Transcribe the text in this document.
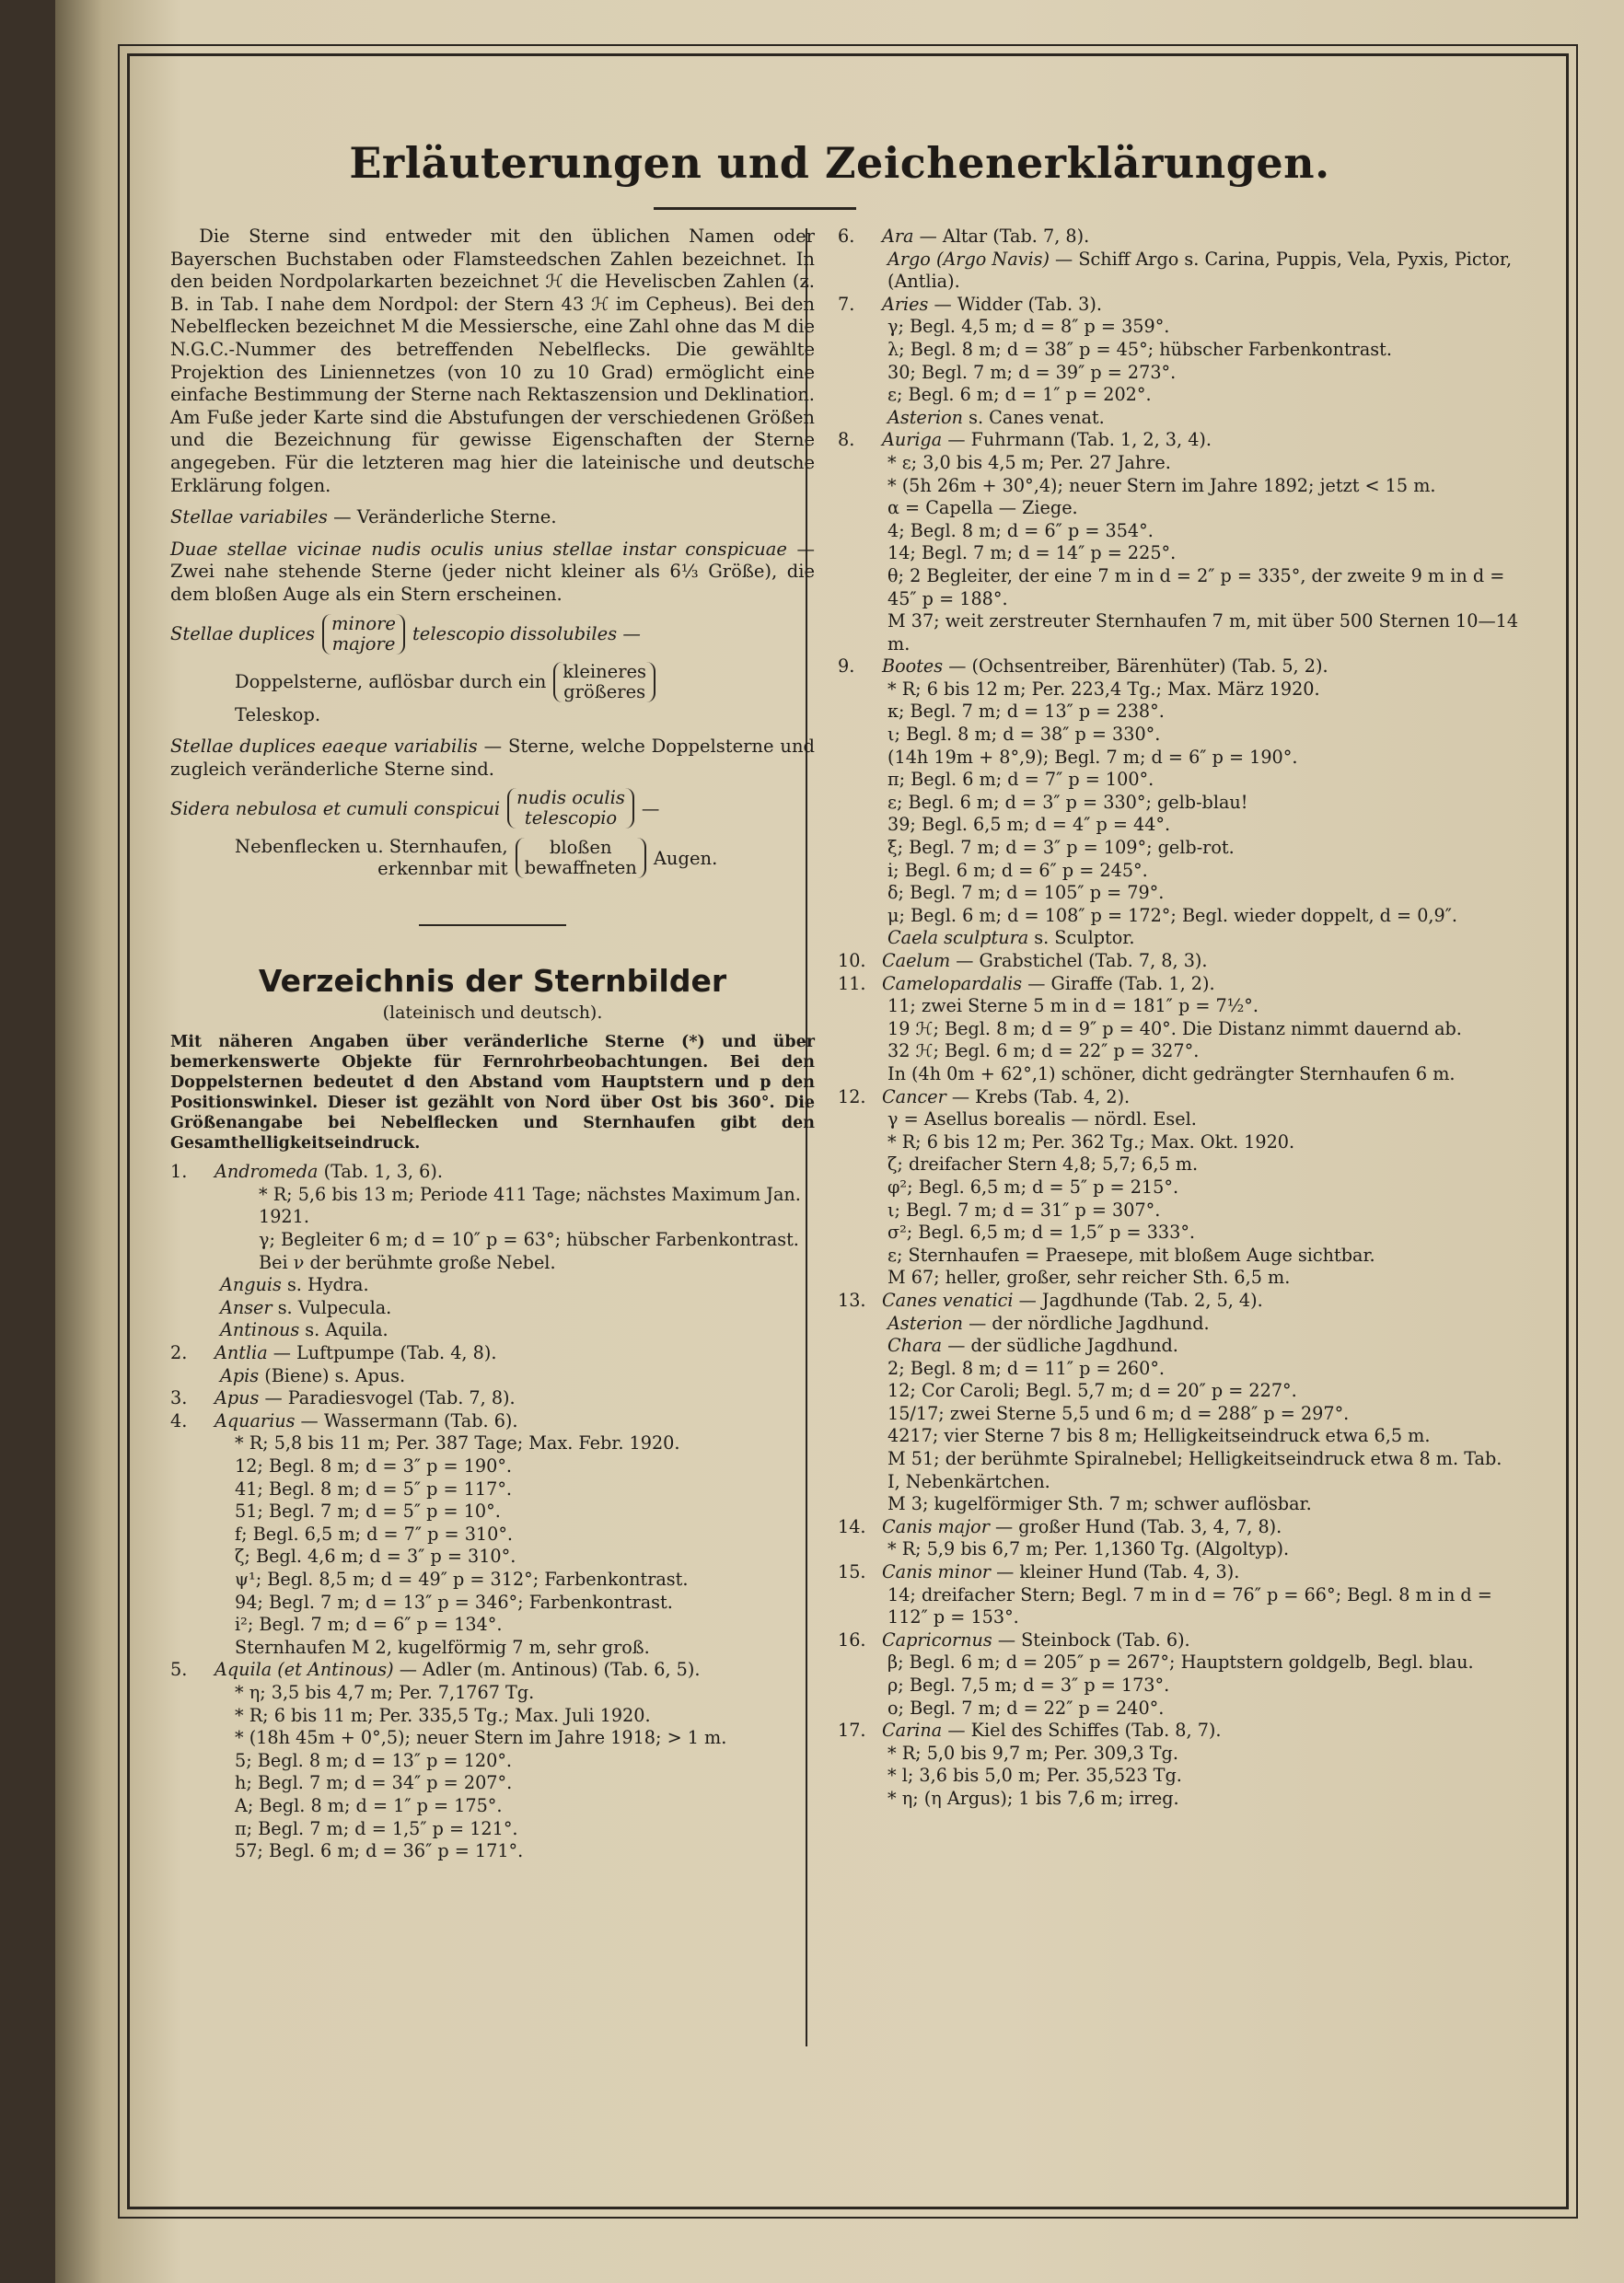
Erläuterungen und Zeichenerklärungen.

Die Sterne sind entweder mit den üblichen Namen oder Bayerschen Buchstaben oder Flamsteedschen Zahlen bezeichnet. In den beiden Nordpolarkarten bezeichnet ℋ die Heveliscben Zahlen (z. B. in Tab. I nahe dem Nordpol: der Stern 43 ℋ im Cepheus). Bei den Nebelflecken bezeichnet M die Messiersche, eine Zahl ohne das M die N.G.C.-Nummer des betreffenden Nebelflecks. Die gewählte Projektion des Liniennetzes (von 10 zu 10 Grad) ermöglicht eine einfache Bestimmung der Sterne nach Rektaszension und Deklination. Am Fuße jeder Karte sind die Abstufungen der verschiedenen Größen und die Bezeichnung für gewisse Eigenschaften der Sterne angegeben. Für die letzteren mag hier die lateinische und deutsche Erklärung folgen.

Stellae variabiles — Veränderliche Sterne.

Duae stellae vicinae nudis oculis unius stellae instar conspicuae — Zwei nahe stehende Sterne (jeder nicht kleiner als 6⅓ Größe), die dem bloßen Auge als ein Stern erscheinen.

Stellae duplices minore
majore telescopio dissolubiles —
Doppelsterne, auflösbar durch ein kleineres
größeres
Teleskop.

Stellae duplices eaeque variabilis — Sterne, welche Doppelsterne und zugleich veränderliche Sterne sind.

Sidera nebulosa et cumuli conspicui nudis oculis
telescopio	—
Nebenflecken u. Sternhaufen,
erkennbar mit
bloßen
bewaffneten Augen.
Verzeichnis der Sternbilder
(lateinisch und deutsch).

Mit näheren Angaben über veränderliche Sterne (*) und über bemerkenswerte Objekte für Fernrohrbeobachtungen. Bei den Doppelsternen bedeutet d den Abstand vom Hauptstern und p den Positionswinkel. Dieser ist gezählt von Nord über Ost bis 360°. Die Größenangabe bei Nebelflecken und Sternhaufen gibt den Gesamthelligkeitseindruck.

1.	Andromeda (Tab. 1, 3, 6).
* R; 5,6 bis 13 m; Periode 411 Tage; nächstes Maximum Jan. 1921.
γ; Begleiter 6 m; d = 10″ p = 63°; hübscher Farbenkontrast.
Bei ν der berühmte große Nebel.
Anguis s. Hydra.
Anser s. Vulpecula.
Antinous s. Aquila.
2.	Antlia — Luftpumpe (Tab. 4, 8).
Apis (Biene) s. Apus.
3.	Apus — Paradiesvogel (Tab. 7, 8).
4.	Aquarius — Wassermann (Tab. 6).
* R; 5,8 bis 11 m; Per. 387 Tage; Max. Febr. 1920.
12; Begl. 8 m; d = 3″ p = 190°.
41; Begl. 8 m; d = 5″ p = 117°.
51; Begl. 7 m; d = 5″ p = 10°.
f; Begl. 6,5 m; d = 7″ p = 310°.
ζ; Begl. 4,6 m; d = 3″ p = 310°.
ψ¹; Begl. 8,5 m; d = 49″ p = 312°; Farbenkontrast.
94; Begl. 7 m; d = 13″ p = 346°; Farbenkontrast.
i²; Begl. 7 m; d = 6″ p = 134°.
Sternhaufen M 2, kugelförmig 7 m, sehr groß.
5.	Aquila (et Antinous) — Adler (m. Antinous) (Tab. 6, 5).
* η; 3,5 bis 4,7 m; Per. 7,1767 Tg.
* R; 6 bis 11 m; Per. 335,5 Tg.; Max. Juli 1920.
* (18h 45m + 0°,5); neuer Stern im Jahre 1918; > 1 m.
5; Begl. 8 m; d = 13″ p = 120°.
h; Begl. 7 m; d = 34″ p = 207°.
A; Begl. 8 m; d = 1″ p = 175°.
π; Begl. 7 m; d = 1,5″ p = 121°.
57; Begl. 6 m; d = 36″ p = 171°.
6.	Ara — Altar (Tab. 7, 8).
Argo (Argo Navis) — Schiff Argo s. Carina, Puppis, Vela, Pyxis, Pictor, (Antlia).
7.	Aries — Widder (Tab. 3).
γ; Begl. 4,5 m; d = 8″ p = 359°.
λ; Begl. 8 m; d = 38″ p = 45°; hübscher Farbenkontrast.
30; Begl. 7 m; d = 39″ p = 273°.
ε; Begl. 6 m; d = 1″ p = 202°.
Asterion s. Canes venat.
8.	Auriga — Fuhrmann (Tab. 1, 2, 3, 4).
* ε; 3,0 bis 4,5 m; Per. 27 Jahre.
* (5h 26m + 30°,4); neuer Stern im Jahre 1892; jetzt < 15 m.
α = Capella — Ziege.
4; Begl. 8 m; d = 6″ p = 354°.
14; Begl. 7 m; d = 14″ p = 225°.
θ; 2 Begleiter, der eine 7 m in d = 2″ p = 335°, der zweite 9 m in d = 45″ p = 188°.
M 37; weit zerstreuter Sternhaufen 7 m, mit über 500 Sternen 10—14 m.
9.	Bootes — (Ochsentreiber, Bärenhüter) (Tab. 5, 2).
* R; 6 bis 12 m; Per. 223,4 Tg.; Max. März 1920.
κ; Begl. 7 m; d = 13″ p = 238°.
ι; Begl. 8 m; d = 38″ p = 330°.
(14h 19m + 8°,9); Begl. 7 m; d = 6″ p = 190°.
π; Begl. 6 m; d = 7″ p = 100°.
ε; Begl. 6 m; d = 3″ p = 330°; gelb-blau!
39; Begl. 6,5 m; d = 4″ p = 44°.
ξ; Begl. 7 m; d = 3″ p = 109°; gelb-rot.
i; Begl. 6 m; d = 6″ p = 245°.
δ; Begl. 7 m; d = 105″ p = 79°.
μ; Begl. 6 m; d = 108″ p = 172°; Begl. wieder doppelt, d = 0,9″.
Caela sculptura s. Sculptor.
10. Caelum — Grabstichel (Tab. 7, 8, 3).
11. Camelopardalis — Giraffe (Tab. 1, 2).
11; zwei Sterne 5 m in d = 181″ p = 7½°.
19 ℋ; Begl. 8 m; d = 9″ p = 40°. Die Distanz nimmt dauernd ab.
32 ℋ; Begl. 6 m; d = 22″ p = 327°.
In (4h 0m + 62°,1) schöner, dicht gedrängter Sternhaufen 6 m.
12. Cancer — Krebs (Tab. 4, 2).
γ = Asellus borealis — nördl. Esel.
* R; 6 bis 12 m; Per. 362 Tg.; Max. Okt. 1920.
ζ; dreifacher Stern 4,8; 5,7; 6,5 m.
φ²; Begl. 6,5 m; d = 5″ p = 215°.
ι; Begl. 7 m; d = 31″ p = 307°.
σ²; Begl. 6,5 m; d = 1,5″ p = 333°.
ε; Sternhaufen = Praesepe, mit bloßem Auge sichtbar.
M 67; heller, großer, sehr reicher Sth. 6,5 m.
13. Canes venatici — Jagdhunde (Tab. 2, 5, 4).
Asterion — der nördliche Jagdhund.
Chara — der südliche Jagdhund.
2; Begl. 8 m; d = 11″ p = 260°.
12; Cor Caroli; Begl. 5,7 m; d = 20″ p = 227°.
15/17; zwei Sterne 5,5 und 6 m; d = 288″ p = 297°.
4217; vier Sterne 7 bis 8 m; Helligkeitseindruck etwa 6,5 m.
M 51; der berühmte Spiralnebel; Helligkeitseindruck etwa 8 m. Tab. I, Nebenkärtchen.
M 3; kugelförmiger Sth. 7 m; schwer auflösbar.
14. Canis major — großer Hund (Tab. 3, 4, 7, 8).
* R; 5,9 bis 6,7 m; Per. 1,1360 Tg. (Algoltyp).
15. Canis minor — kleiner Hund (Tab. 4, 3).
14; dreifacher Stern; Begl. 7 m in d = 76″ p = 66°; Begl. 8 m in d = 112″ p = 153°.
16. Capricornus — Steinbock (Tab. 6).
β; Begl. 6 m; d = 205″ p = 267°; Hauptstern goldgelb, Begl. blau.
ρ; Begl. 7,5 m; d = 3″ p = 173°.
ο; Begl. 7 m; d = 22″ p = 240°.
17. Carina — Kiel des Schiffes (Tab. 8, 7).
* R; 5,0 bis 9,7 m; Per. 309,3 Tg.
* l; 3,6 bis 5,0 m; Per. 35,523 Tg.
* η; (η Argus); 1 bis 7,6 m; irreg.
